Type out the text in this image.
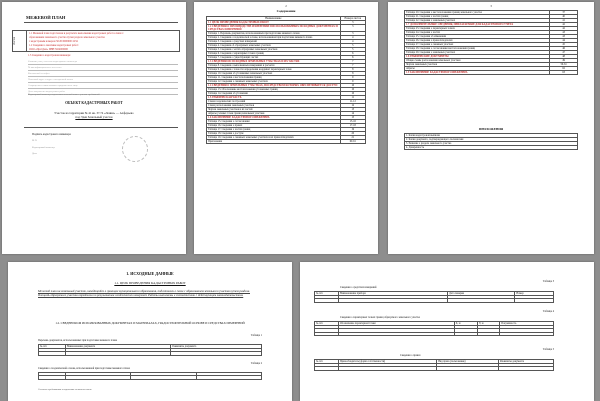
МЕЖЕВОЙ ПЛАН
Листов
1.1 Межевой план подготовлен в результате выполнения кадастровых работ в связи с:
образованием земельного участка путем раздела земельного участка
с кадастровым номером 50:20:0000000:1234
1.2 Сведения о заказчике кадастровых работ:
ООО «ПрогДом» ИНН 5024000000
1.3 Сведения о кадастровом инженере:
Фамилия, имя, отчество кадастрового инженера
№ квалификационного аттестата
Контактный телефон
Почтовый адрес и адрес электронной почты
Сокращенное наименование юридического лица
Дата завершения кадастровых работ
Кадастровый инженер подготовил межевой план с учетом требований
ОБЪЕКТ КАДАСТРОВЫХ РАБОТ
Участок на территории № 41 кв. 37.74 «Ленин» — Алферьево
под Эдеи Земельный участок
Подпись кадастрового инженера
М.П.
Кадастровый инженер
Дата
2
Содержание
Наименование	Номера листов
1.1 ЦЕЛЬ ПРОВЕДЕНИЯ КАДАСТРОВЫХ РАБОТ	3
1.2 СВЕДЕНИЯ О ПРОИЗВОДСТВЕ ИЗМЕРЕНИЙ И ИСПОЛЬЗОВАННЫХ ИСХОДНЫХ ДОКУМЕНТАХ И СРЕДСТВАХ ИЗМЕРЕНИЙ	3
Таблица 1. Перечень документов, использованных при подготовке межевого плана	3
Таблица 2. Сведения о геодезической основе, использованной при подготовке межевого плана	4
Таблица 3. Сведения о средствах измерений	4
Таблица 4. Сведения об образуемых земельных участках	5
Таблица 5. Сведения о частях образуемых земельных участков	5
Таблица 6. Сведения о характерных точках границ	6
Таблица 7. Сведения о существующих частях	6
1.3 СВЕДЕНИЯ ОБ ИСХОДНЫХ ЗЕМЕЛЬНЫХ УЧАСТКАХ И ИХ ЧАСТЯХ	7
Таблица 8. Сведения о выполненных измерениях и расчетах	7
Таблица 9. Сведения о точности определения координат характерных точек	8
Таблица 10. Сведения об уточняемых земельных участках	8
Таблица 11. Сведения о местоположении границ	9
Таблица 12. Сведения о смежных земельных участках	9
1.4 СВЕДЕНИЯ О ЗЕМЕЛЬНЫХ УЧАСТКАХ, ПОСРЕДСТВОМ КОТОРЫХ ОБЕСПЕЧИВАЕТСЯ ДОСТУП	10
Таблица 13. Обоснование местоположения уточненных границ	10
Таблица 14. Сведения об уточнении	10
1.5 ГРАФИЧЕСКАЯ ЧАСТЬ	11
Схема геодезических построений	11-12
Схема расположения земельных участков	12
Чертеж земельных участков и их частей	13
Абрисы узловых точек границ земельных участков	14
1.6 ЗАКЛЮЧЕНИЕ КАДАСТРОВОГО ИНЖЕНЕРА	15
Таблица 15. Сведения о согласовании	15-16
Таблица 16. Сведения о правах	17-18
Таблица 17. Сведения о частях границ	19
Таблица 18. Сведения о доступе	20
Таблица 19. Сведения о смежных земельных участках и их правообладателях	21
Приложения	60-61
3
Таблица 20. Сведения о местоположении границ земельного участка	37
Таблица 21. Сведения о частях границ	40
Таблица 22. Сведения о земельных участках	41
1.7 ДОПОЛНИТЕЛЬНЫЕ СВЕДЕНИЯ, ПРИЛАГАЕМЫЕ ДЛЯ КАДАСТРОВОГО УЧЕТА	42
Таблица 23. Сведения о характерных точках	42
Таблица 24. Сведения о частях	43
Таблица 25. Сведения об изменении	43
Таблица 26. Сведения о правообладателях	44
Таблица 27. Сведения о смежных участках	45
Таблица 28. Сведения о согласовании местоположения границ	46
Таблица 29. Сведения о земельных участках	47
1.8 ГРАФИЧЕСКИЕ ДОКУМЕНТЫ	48
Общие схемы расположения земельных участков	49
Чертеж земельных участков	50-61
Абрисы	62
1.9 ЗАКЛЮЧЕНИЕ КАДАСТРОВОГО ИНЖЕНЕРА	63
ПРИЛОЖЕНИЯ
1. Копия кадастровой выписки
2. Копия документа, подтверждающего полномочия
3. Решение о разделе земельного участка
4. Доверенность
1. ИСХОДНЫЕ ДАННЫЕ
1.1. ЦЕЛЬ ПРОВЕДЕНИЯ КАДАСТРОВЫХ РАБОТ
Межевой план на земельный участок, находящийся в границах муниципального образования, подготовлен в связи с образованием земельного участка путем раздела. Площадь образуемого участка определена по результатам геодезических измерений. Работы выполнены в соответствии с действующим законодательством.
1.2. СВЕДЕНИЯ ОБ ИСПОЛЬЗОВАННЫХ ДОКУМЕНТАХ И МАТЕРИАЛАХ, ГРАДОСТРОИТЕЛЬНОЙ ОСНОВЕ И СРЕДСТВАХ ИЗМЕРЕНИЙ
Таблица 1
Перечень документов, использованных при подготовке межевого плана
№ п/п	Наименование документа	Реквизиты документа

Таблица 2
Сведения о геодезической основе, использованной при подготовке межевого плана

Согласно требованиям к подготовке межевого плана
Таблица 3
Сведения о средствах измерений
№ п/п	Наименование прибора	Дата поверки	Номер

Таблица 4
Сведения о характерных точках границ образуемого земельного участка
№ п/п	Обозначение характерной точки	X, м	Y, м	Погрешность

Таблица 5
Сведения о правах
№ п/п	Правообладатель (форма собственности)	Вид права (пользование)	Реквизиты документа
